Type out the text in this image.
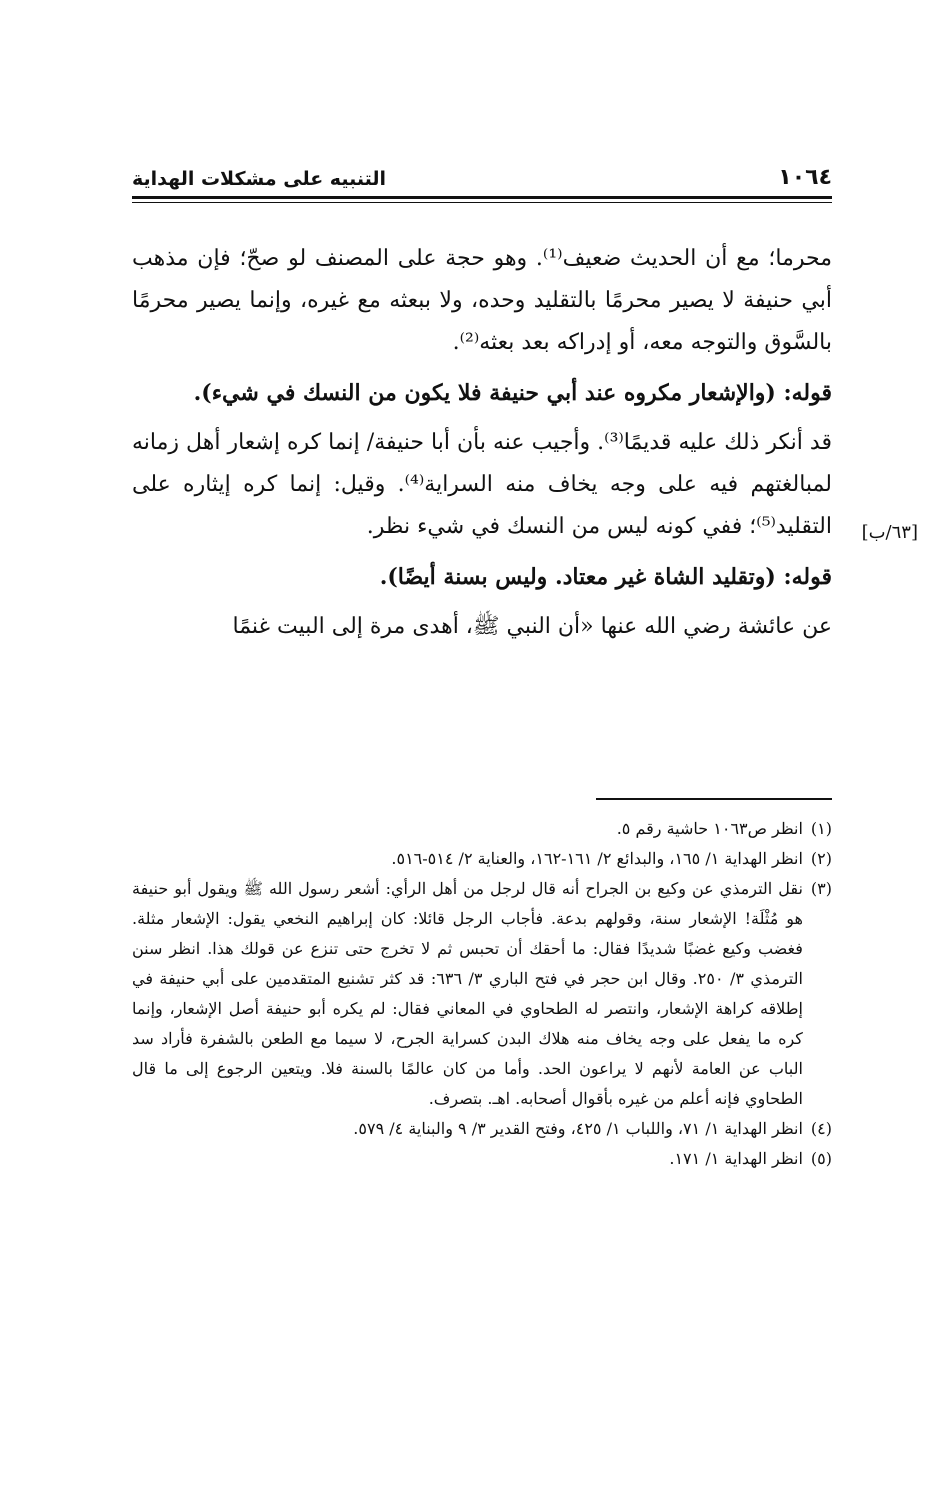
١٠٦٤
التنبيه على مشكلات الهداية
[٦٣/ب]

محرما؛ مع أن الحديث ضعيف⁽¹⁾. وهو حجة على المصنف لو صحّ؛ فإن مذهب أبي حنيفة لا يصير محرمًا بالتقليد وحده، ولا ببعثه مع غيره، وإنما يصير محرمًا بالسَّوق والتوجه معه، أو إدراكه بعد بعثه⁽²⁾.

قوله: (والإشعار مكروه عند أبي حنيفة فلا يكون من النسك في شيء).

قد أنكر ذلك عليه قديمًا⁽³⁾. وأجيب عنه بأن أبا حنيفة/ إنما كره إشعار أهل زمانه لمبالغتهم فيه على وجه يخاف منه السراية⁽⁴⁾. وقيل: إنما كره إيثاره على التقليد⁽⁵⁾؛ ففي كونه ليس من النسك في شيء نظر.

قوله: (وتقليد الشاة غير معتاد. وليس بسنة أيضًا).

عن عائشة رضي الله عنها «أن النبي ﷺ، أهدى مرة إلى البيت غنمًا

(١)
انظر ص١٠٦٣ حاشية رقم ٥.
(٢)
انظر الهداية ١/ ١٦٥، والبدائع ٢/ ١٦١-١٦٢، والعناية ٢/ ٥١٤-٥١٦.
(٣)
نقل الترمذي عن وكيع بن الجراح أنه قال لرجل من أهل الرأي: أشعر رسول الله ﷺ ويقول أبو حنيفة هو مُثْلَة! الإشعار سنة، وقولهم بدعة. فأجاب الرجل قائلا: كان إبراهيم النخعي يقول: الإشعار مثلة. فغضب وكيع غضبًا شديدًا فقال: ما أحقك أن تحبس ثم لا تخرج حتى تنزع عن قولك هذا. انظر سنن الترمذي ٣/ ٢٥٠. وقال ابن حجر في فتح الباري ٣/ ٦٣٦: قد كثر تشنيع المتقدمين على أبي حنيفة في إطلاقه كراهة الإشعار، وانتصر له الطحاوي في المعاني فقال: لم يكره أبو حنيفة أصل الإشعار، وإنما كره ما يفعل على وجه يخاف منه هلاك البدن كسراية الجرح، لا سيما مع الطعن بالشفرة فأراد سد الباب عن العامة لأنهم لا يراعون الحد. وأما من كان عالمًا بالسنة فلا. ويتعين الرجوع إلى ما قال الطحاوي فإنه أعلم من غيره بأقوال أصحابه. اهـ. بتصرف.
(٤)
انظر الهداية ١/ ٧١، واللباب ١/ ٤٢٥، وفتح القدير ٣/ ٩ والبناية ٤/ ٥٧٩.
(٥)
انظر الهداية ١/ ١٧١.
